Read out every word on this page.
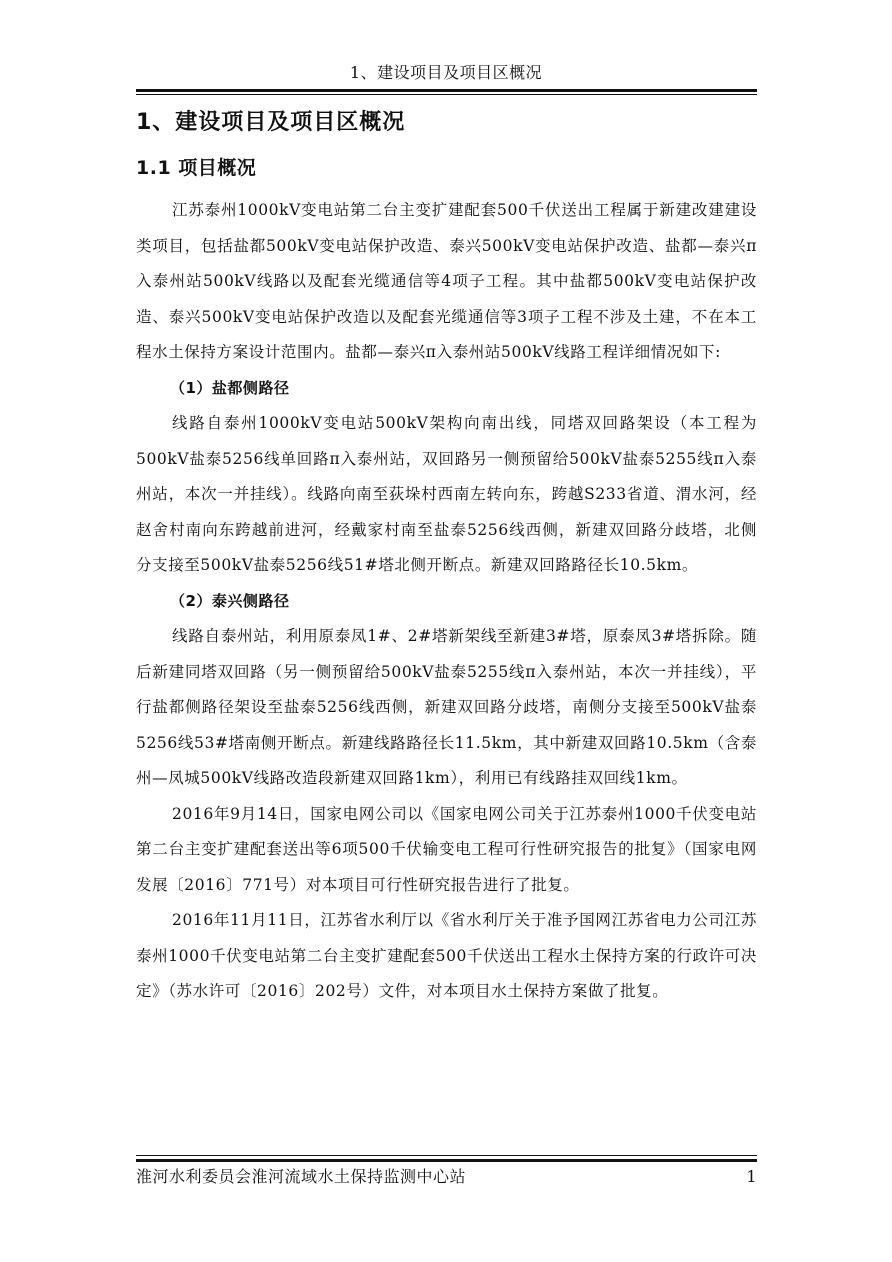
1、建设项目及项目区概况
1、建设项目及项目区概况
1.1 项目概况

江苏泰州1000kV变电站第二台主变扩建配套500千伏送出工程属于新建改建建设类项目，包括盐都500kV变电站保护改造、泰兴500kV变电站保护改造、盐都—泰兴π入泰州站500kV线路以及配套光缆通信等4项子工程。其中盐都500kV变电站保护改造、泰兴500kV变电站保护改造以及配套光缆通信等3项子工程不涉及土建，不在本工程水土保持方案设计范围内。盐都—泰兴π入泰州站500kV线路工程详细情况如下:

（1）盐都侧路径

线路自泰州1000kV变电站500kV架构向南出线，同塔双回路架设（本工程为500kV盐泰5256线单回路π入泰州站，双回路另一侧预留给500kV盐泰5255线π入泰州站，本次一并挂线）。线路向南至荻垛村西南左转向东，跨越S233省道、渭水河，经赵舍村南向东跨越前进河，经戴家村南至盐泰5256线西侧，新建双回路分歧塔，北侧分支接至500kV盐泰5256线51#塔北侧开断点。新建双回路路径长10.5km。

（2）泰兴侧路径

线路自泰州站，利用原泰凤1#、2#塔新架线至新建3#塔，原泰凤3#塔拆除。随后新建同塔双回路（另一侧预留给500kV盐泰5255线π入泰州站，本次一并挂线），平行盐都侧路径架设至盐泰5256线西侧，新建双回路分歧塔，南侧分支接至500kV盐泰5256线53#塔南侧开断点。新建线路路径长11.5km，其中新建双回路10.5km（含泰州—凤城500kV线路改造段新建双回路1km），利用已有线路挂双回线1km。

2016年9月14日，国家电网公司以《国家电网公司关于江苏泰州1000千伏变电站第二台主变扩建配套送出等6项500千伏输变电工程可行性研究报告的批复》（国家电网发展〔2016〕771号）对本项目可行性研究报告进行了批复。

2016年11月11日，江苏省水利厅以《省水利厅关于准予国网江苏省电力公司江苏泰州1000千伏变电站第二台主变扩建配套500千伏送出工程水土保持方案的行政许可决定》（苏水许可〔2016〕202号）文件，对本项目水土保持方案做了批复。

淮河水利委员会淮河流域水土保持监测中心站	1
